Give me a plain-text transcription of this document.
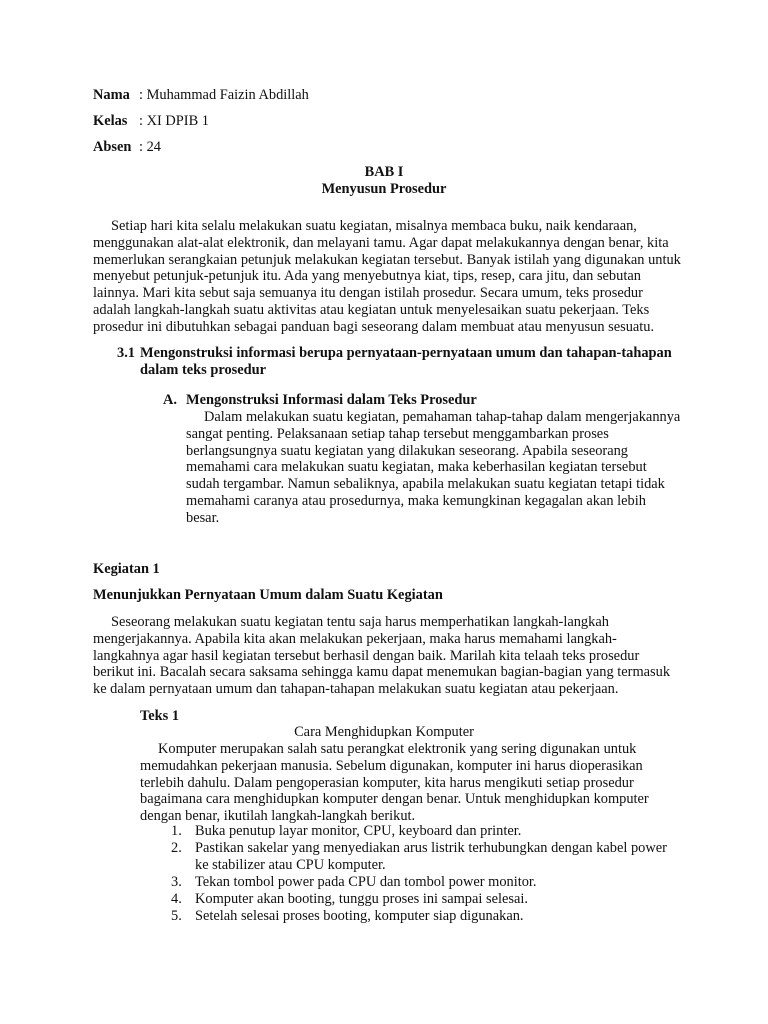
Nama : Muhammad Faizin Abdillah
Kelas : XI DPIB 1
Absen : 24
BAB I
Menyusun Prosedur
Setiap hari kita selalu melakukan suatu kegiatan, misalnya membaca buku, naik kendaraan,
menggunakan alat-alat elektronik, dan melayani tamu. Agar dapat melakukannya dengan benar, kita
memerlukan serangkaian petunjuk melakukan kegiatan tersebut. Banyak istilah yang digunakan untuk
menyebut petunjuk-petunjuk itu. Ada yang menyebutnya kiat, tips, resep, cara jitu, dan sebutan
lainnya. Mari kita sebut saja semuanya itu dengan istilah prosedur. Secara umum, teks prosedur
adalah langkah-langkah suatu aktivitas atau kegiatan untuk menyelesaikan suatu pekerjaan. Teks
prosedur ini dibutuhkan sebagai panduan bagi seseorang dalam membuat atau menyusun sesuatu.
3.1 Mengonstruksi informasi berupa pernyataan-pernyataan umum dan tahapan-tahapan
dalam teks prosedur
A. Mengonstruksi Informasi dalam Teks Prosedur
Dalam melakukan suatu kegiatan, pemahaman tahap-tahap dalam mengerjakannya
sangat penting. Pelaksanaan setiap tahap tersebut menggambarkan proses
berlangsungnya suatu kegiatan yang dilakukan seseorang. Apabila seseorang
memahami cara melakukan suatu kegiatan, maka keberhasilan kegiatan tersebut
sudah tergambar. Namun sebaliknya, apabila melakukan suatu kegiatan tetapi tidak
memahami caranya atau prosedurnya, maka kemungkinan kegagalan akan lebih
besar.
Kegiatan 1
Menunjukkan Pernyataan Umum dalam Suatu Kegiatan
Seseorang melakukan suatu kegiatan tentu saja harus memperhatikan langkah-langkah
mengerjakannya. Apabila kita akan melakukan pekerjaan, maka harus memahami langkah-
langkahnya agar hasil kegiatan tersebut berhasil dengan baik. Marilah kita telaah teks prosedur
berikut ini. Bacalah secara saksama sehingga kamu dapat menemukan bagian-bagian yang termasuk
ke dalam pernyataan umum dan tahapan-tahapan melakukan suatu kegiatan atau pekerjaan.
Teks 1
Cara Menghidupkan Komputer
Komputer merupakan salah satu perangkat elektronik yang sering digunakan untuk
memudahkan pekerjaan manusia. Sebelum digunakan, komputer ini harus dioperasikan
terlebih dahulu. Dalam pengoperasian komputer, kita harus mengikuti setiap prosedur
bagaimana cara menghidupkan komputer dengan benar. Untuk menghidupkan komputer
dengan benar, ikutilah langkah-langkah berikut.
1. Buka penutup layar monitor, CPU, keyboard dan printer.
2. Pastikan sakelar yang menyediakan arus listrik terhubungkan dengan kabel power
ke stabilizer atau CPU komputer.
3. Tekan tombol power pada CPU dan tombol power monitor.
4. Komputer akan booting, tunggu proses ini sampai selesai.
5. Setelah selesai proses booting, komputer siap digunakan.
